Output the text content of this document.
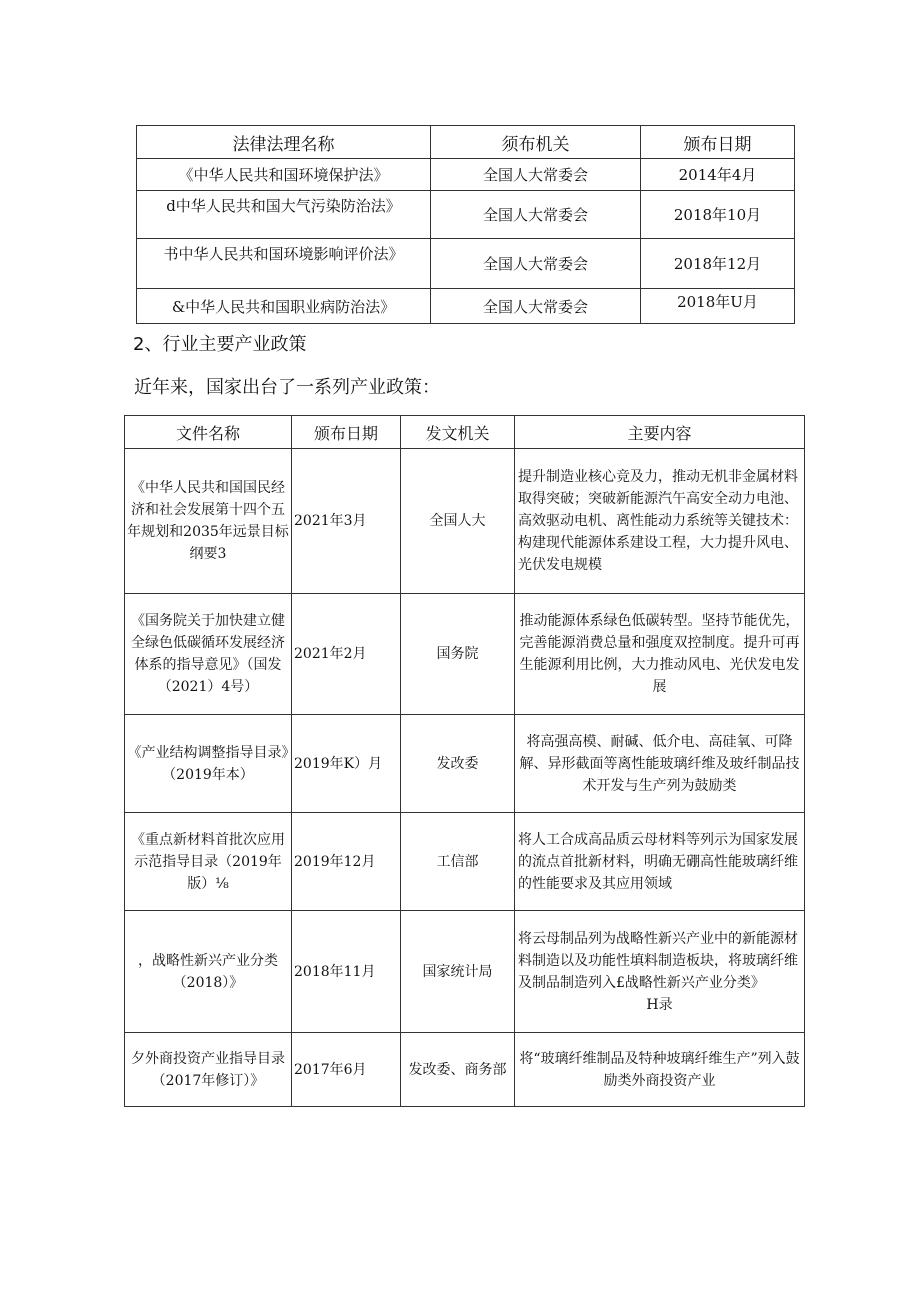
法律法理名称	须布机关	颁布日期
《中华人民共和国环境保护法》	全国人大常委会	2014年4月
d中华人民共和国大气污染防治法》	全国人大常委会	2018年10月
书中华人民共和国环境影响评价法》	全国人大常委会	2018年12月
&中华人民共和国职业病防治法》	全国人大常委会	2018年U月
2、行业主要产业政策

近年来，国家出台了一系列产业政策：

文件名称	颁布日期	发文机关	主要内容
《中华人民共和国国民经济和社会发展第十四个五年规划和2035年远景目标纲要3	2021年3月	全国人大	提升制造业核心竞及力，推动无机非金属材料取得突破；突破新能源汽午高安全动力电池、高效驱动电机、离性能动力系统等关键技术：构建现代能源体系建设工程，大力提升风电、光伏发电规模
《国务院关于加快建立健全绿色低碳循环发展经济体系的指导意见》（国发（2021）4号）	2021年2月	国务院	推动能源体系绿色低碳转型。坚持节能优先，完善能源消费总量和强度双控制度。提升可再生能源利用比例，大力推动风电、光伏发电发展
《产业结构调整指导目录》（2019年本）	2019年K）月	发改委	将高强高模、耐碱、低介电、高硅氧、可降解、异形截面等离性能玻璃纤维及玻纤制品技术开发与生产列为鼓励类
《重点新材料首批次应用示范指导目录（2019年版）⅛	2019年12月	工信部	将人工合成高品质云母材料等列示为国家发展的流点首批新材料，明确无硼高性能玻璃纤维的性能要求及其应用领域
，战略性新兴产业分类（2018）》	2018年11月	国家统计局	将云母制品列为战略性新兴产业中的新能源材料制造以及功能性填料制造板块，将玻璃纤维及制品制造列入£战略性新兴产业分类》
H录

夕外商投资产业指导目录（2017年修订）》	2017年6月	发改委、商务部	将“玻璃纤维制品及特种坡璃纤维生产”列入鼓励类外商投资产业
